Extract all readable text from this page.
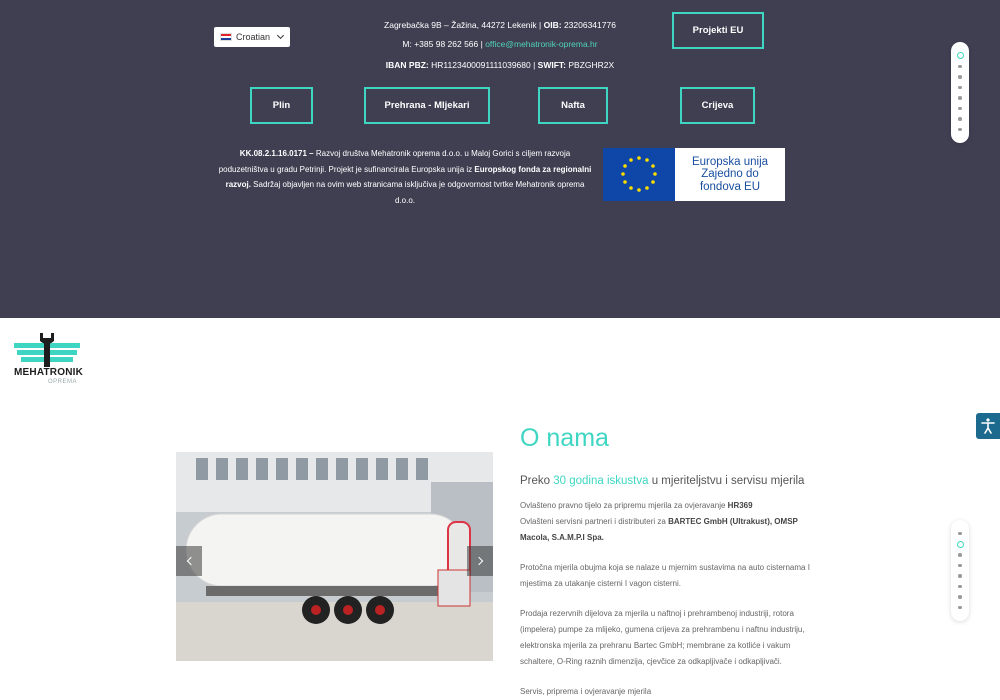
Croatian
Zagrebačka 9B – Žažina, 44272 Lekenik | OIB: 23206341776
M: +385 98 262 566 | office@mehatronik-oprema.hr
IBAN PBZ: HR1123400091111039680 | SWIFT: PBZGHR2X
Projekti EU
Plin	Prehrana - Mljekari	Nafta	Crijeva
KK.08.2.1.16.0171 – Razvoj društva Mehatronik oprema d.o.o. u Maloj Gorici s ciljem razvoja poduzetništva u gradu Petrinji. Projekt je sufinancirala Europska unija iz Europskog fonda za regionalni razvoj. Sadržaj objavljen na ovim web stranicama isključiva je odgovornost tvrtke Mehatronik oprema d.o.o.
Europska unija
Zajedno do
fondova EU
MEHATRONIK
OPREMA
O nama
Preko 30 godina iskustva u mjeriteljstvu i servisu mjerila

Ovlašteno pravno tijelo za pripremu mjerila za ovjeravanje HR369
Ovlašteni servisni partneri i distributeri za BARTEC GmbH (Ultrakust), OMSP Macola, S.A.M.P.I Spa.

Protočna mjerila obujma koja se nalaze u mjernim sustavima na auto cisternama I mjestima za utakanje cisterni I vagon cisterni.

Prodaja rezervnih dijelova za mjerila u naftnoj i prehrambenoj industriji, rotora (impelera) pumpe za mlijeko, gumena crijeva za prehrambenu i naftnu industriju, elektronska mjerila za prehranu Bartec GmbH; membrane za kotliće i vakum schaltere, O-Ring raznih dimenzija, cjevčice za odkapljivače i odkapljivači.

Servis, priprema i ovjeravanje mjerila
